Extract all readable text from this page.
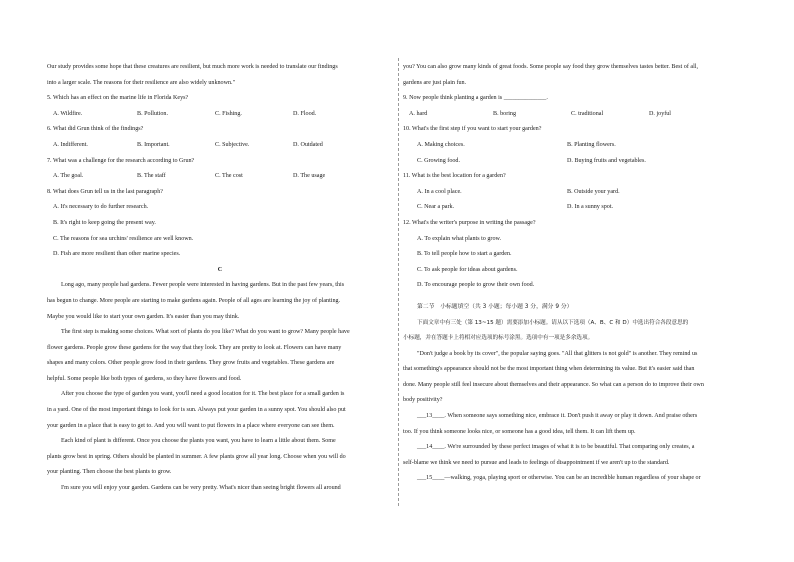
Our study provides some hope that these creatures are resilient, but much more work is needed to translate our findings
into a larger scale. The reasons for their resilience are also widely unknown."
5. Which has an effect on the marine life in Florida Keys?
A. Wildfire.	B. Pollution.	C. Fishing.	D. Flood.
6. What did Grun think of the findings?
A. Indifferent.	B. Important.	C. Subjective.	D. Outdated
7. What was a challenge for the research according to Grun?
A. The goal.	B. The staff	C. The cost	D. The usage
8. What does Grun tell us in the last paragraph?
A. It's necessary to do further research.
B. It's right to keep going the present way.
C. The reasons for sea urchins' resilience are well known.
D. Fish are more resilient than other marine species.
C
Long ago, many people had gardens. Fewer people were interested in having gardens. But in the past few years, this
has begun to change. More people are starting to make gardens again. People of all ages are learning the joy of planting.
Maybe you would like to start your own garden. It's easier than you may think.
The first step is making some choices. What sort of plants do you like? What do you want to grow? Many people have
flower gardens. People grow these gardens for the way that they look. They are pretty to look at. Flowers can have many
shapes and many colors. Other people grow food in their gardens. They grow fruits and vegetables. These gardens are
helpful. Some people like both types of gardens, so they have flowers and food.
After you choose the type of garden you want, you'll need a good location for it. The best place for a small garden is
in a yard. One of the most important things to look for is sun. Always put your garden in a sunny spot. You should also put
your garden in a place that is easy to get to. And you will want to put flowers in a place where everyone can see them.
Each kind of plant is different. Once you choose the plants you want, you have to learn a little about them. Some
plants grow best in spring. Others should be planted in summer. A few plants grow all year long. Choose when you will do
your planting. Then choose the best plants to grow.
I'm sure you will enjoy your garden. Gardens can be very pretty. What's nicer than seeing bright flowers all around
you? You can also grow many kinds of great foods. Some people say food they grow themselves tastes better. Best of all,
gardens are just plain fun.
9. Now people think planting a garden is ______________.
A. hard	B. boring	C. traditional	D. joyful
10. What's the first step if you want to start your garden?
A. Making choices.	B. Planting flowers.
C. Growing food.	D. Buying fruits and vegetables.
11. What is the best location for a garden?
A. In a cool place.	B. Outside your yard.
C. Near a park.	D. In a sunny spot.
12. What's the writer's purpose in writing the passage?
A. To explain what plants to grow.
B. To tell people how to start a garden.
C. To ask people for ideas about gardens.
D. To encourage people to grow their own food.
第二节　小标题填空（共 3 小题；每小题 3 分，满分 9 分）
下面文章中有三处（第 13~15 题）需要添加小标题。请从以下选项（A、B、C 和 D）中选出符合各段意思的
小标题，并在答题卡上将相对应选项的标号涂黑。选项中有一项是多余选项。
"Don't judge a book by its cover", the popular saying goes. "All that glitters is not gold" is another. They remind us
that something's appearance should not be the most important thing when determining its value. But it's easier said than
done. Many people still feel insecure about themselves and their appearance. So what can a person do to improve their own
body positivity?
___13____. When someone says something nice, embrace it. Don't push it away or play it down. And praise others
too. If you think someone looks nice, or someone has a good idea, tell them. It can lift them up.
___14____. We're surrounded by these perfect images of what it is to be beautiful. That comparing only creates, a
self-blame we think we need to pursue and leads to feelings of disappointment if we aren't up to the standard.
___15____—walking, yoga, playing sport or otherwise. You can be an incredible human regardless of your shape or
